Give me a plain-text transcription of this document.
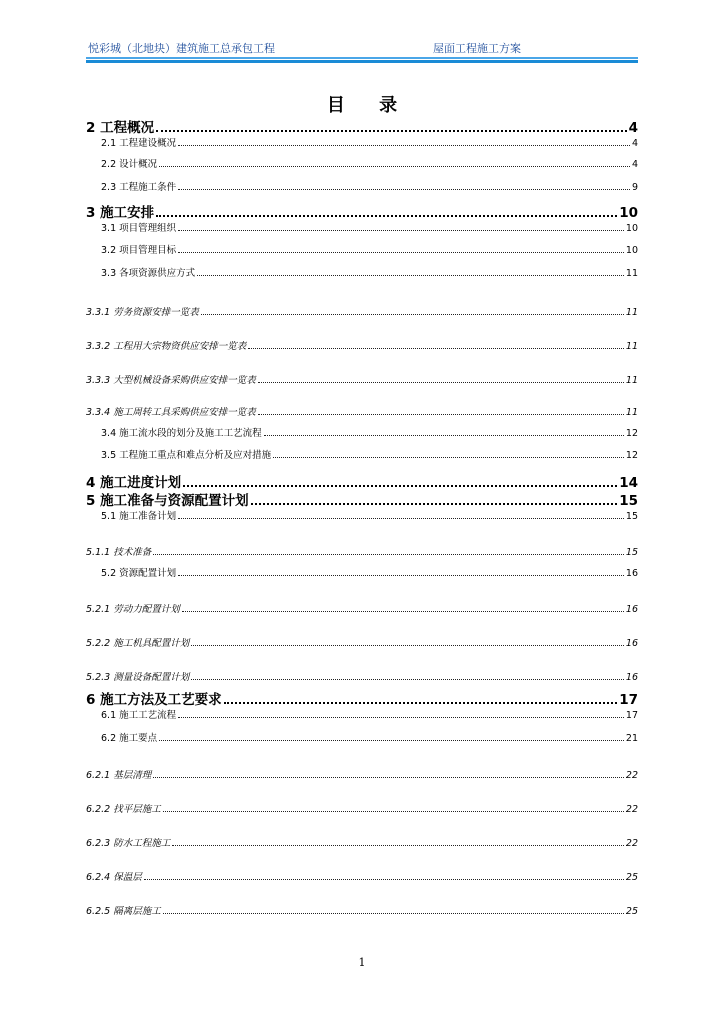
悦彩城（北地块）建筑施工总承包工程	屋面工程施工方案
目 录
2 工程概况	4
2.1 工程建设概况	4
2.2 设计概况	4
2.3 工程施工条件	9
3 施工安排	10
3.1 项目管理组织	10
3.2 项目管理目标	10
3.3 各项资源供应方式	11
3.3.1 劳务资源安排一览表	11
3.3.2 工程用大宗物资供应安排一览表	11
3.3.3 大型机械设备采购供应安排一览表	11
3.3.4 施工周转工具采购供应安排一览表	11
3.4 施工流水段的划分及施工工艺流程	12
3.5 工程施工重点和难点分析及应对措施	12
4 施工进度计划	14
5 施工准备与资源配置计划	15
5.1 施工准备计划	15
5.1.1 技术准备	15
5.2 资源配置计划	16
5.2.1 劳动力配置计划	16
5.2.2 施工机具配置计划	16
5.2.3 测量设备配置计划	16
6 施工方法及工艺要求	17
6.1 施工工艺流程	17
6.2 施工要点	21
6.2.1 基层清理	22
6.2.2 找平层施工	22
6.2.3 防水工程施工	22
6.2.4 保温层	25
6.2.5 隔离层施工	25
1
